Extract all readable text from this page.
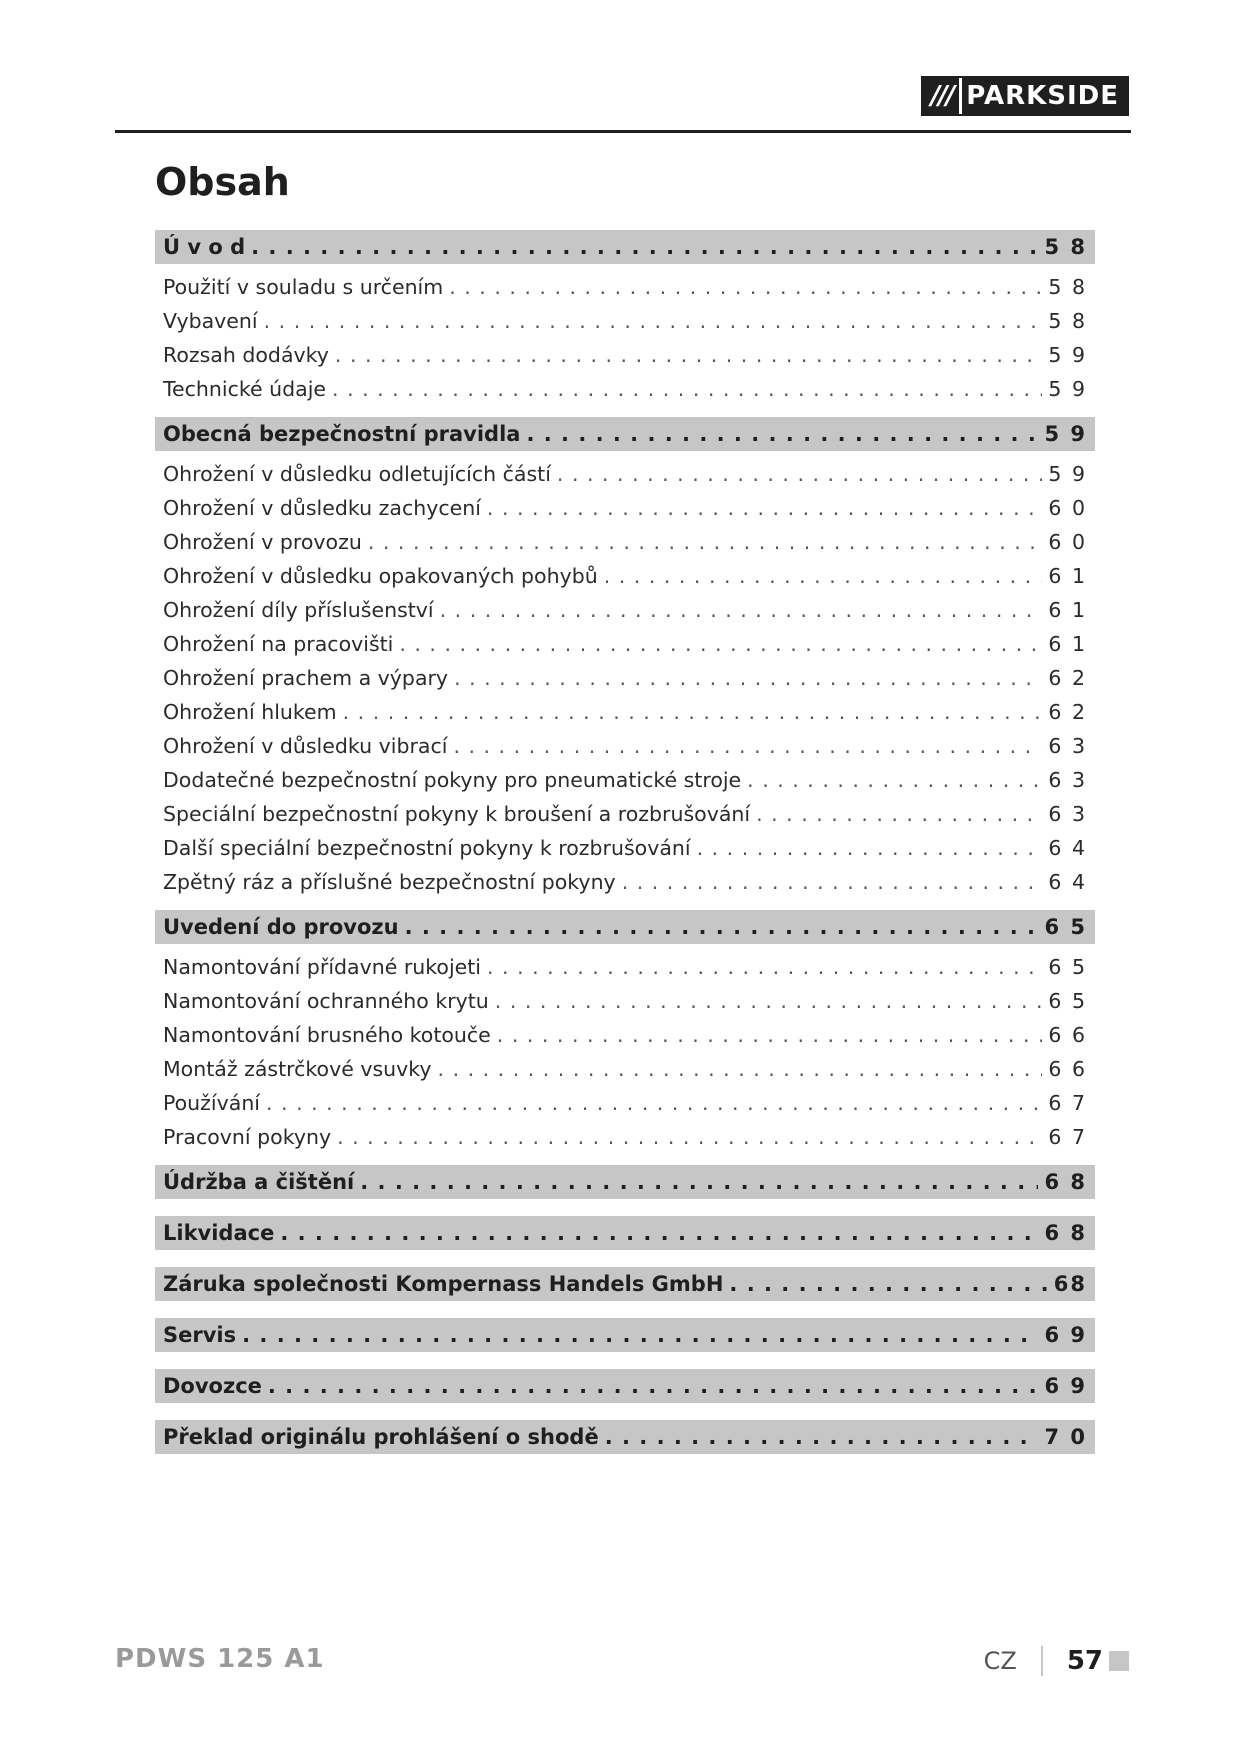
/// PARKSIDE
Obsah
Ú v o d . . .	5 8
Použití v souladu s určením . . .	5 8
Vybavení . . .	5 8
Rozsah dodávky . . .	5 9
Technické údaje . . .	5 9
Obecná bezpečnostní pravidla . . .	5 9
Ohrožení v důsledku odletujících částí . . .	5 9
Ohrožení v důsledku zachycení . . .	6 0
Ohrožení v provozu . . .	6 0
Ohrožení v důsledku opakovaných pohybů . . .	6 1
Ohrožení díly příslušenství . . .	6 1
Ohrožení na pracovišti . . .	6 1
Ohrožení prachem a výpary . . .	6 2
Ohrožení hlukem . . .	6 2
Ohrožení v důsledku vibrací . . .	6 3
Dodatečné bezpečnostní pokyny pro pneumatické stroje . . .	6 3
Speciální bezpečnostní pokyny k broušení a rozbrušování . . .	6 3
Další speciální bezpečnostní pokyny k rozbrušování . . .	6 4
Zpětný ráz a příslušné bezpečnostní pokyny . . .	6 4
Uvedení do provozu . . .	6 5
Namontování přídavné rukojeti . . .	6 5
Namontování ochranného krytu . . .	6 5
Namontování brusného kotouče . . .	6 6
Montáž zástrčkové vsuvky . . .	6 6
Používání . . .	6 7
Pracovní pokyny . . .	6 7
Údržba a čištění . . .	6 8
Likvidace . . .	6 8
Záruka společnosti Kompernass Handels GmbH . . .	68
Servis . . .	6 9
Dovozce . . .	6 9
Překlad originálu prohlášení o shodě . . .	7 0
PDWS 125 A1	CZ 57
